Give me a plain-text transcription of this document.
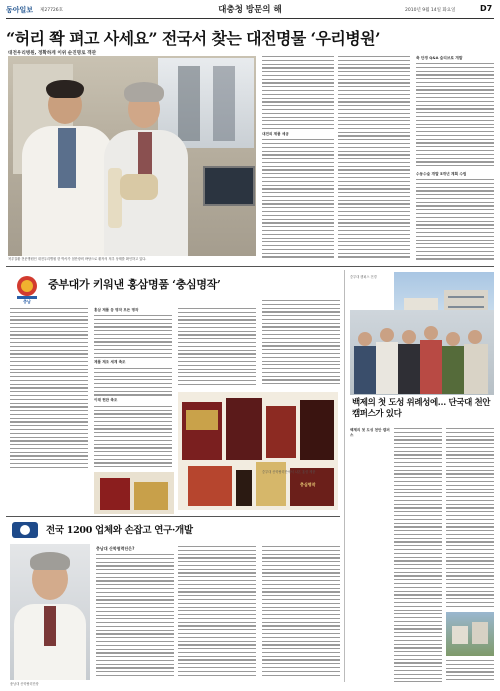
동아일보 제27726호	대충청 방문의 해	2010년 9월 14일 화요일	D7
“허리 쫙 펴고 사세요” 전국서 찾는 대전명물 ‘우리병원’
대전우리병원, 정확하게 이위 순진명로 객관
척추질환 전문병원인 대전우리병원 한 박사가 첨단장비 바탕으로 환자의 척추 상태를 확인하고 있다.
대전외 제품 세공
축 단경 Q&A 슬리브로 개발
수동수술 개발 5개년 계획 수립
충남
중부대가 키워낸 홍삼명품 ‘충심명작’
홍삼 제품 등 명작 모든 명작
제품 제조 세계 축조
이래 현판 축조
충심명작
중부대 산학협력단에서 나온 홍삼 제품
중부대 캠퍼스 전경
백제의 첫 도성 위례성에… 단국대 천안캠퍼스가 있다
백제의 첫 도성 천안 캠퍼스
전국 1200 업체와 손잡고 연구·개발
충남대 산학협력단장
충남대 산학협력단은?
